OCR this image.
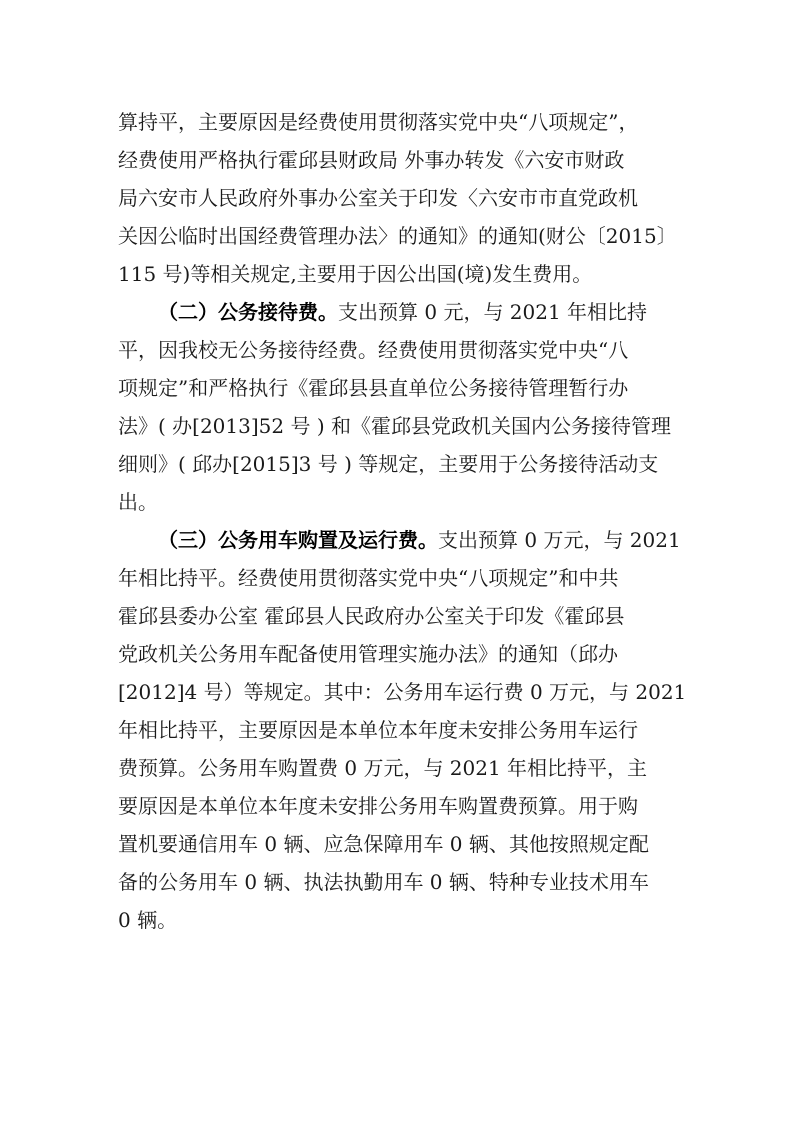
算持平，主要原因是经费使用贯彻落实党中央“八项规定”，
经费使用严格执行霍邱县财政局 外事办转发《六安市财政
局六安市人民政府外事办公室关于印发〈六安市市直党政机
关因公临时出国经费管理办法〉的通知》的通知(财公〔2015〕
115 号)等相关规定,主要用于因公出国(境)发生费用。
（二）公务接待费。支出预算 0 元，与 2021 年相比持
平，因我校无公务接待经费。经费使用贯彻落实党中央“八
项规定”和严格执行《霍邱县县直单位公务接待管理暂行办
法》( 办[2013]52 号 ) 和《霍邱县党政机关国内公务接待管理
细则》( 邱办[2015]3 号 ) 等规定，主要用于公务接待活动支
出。
（三）公务用车购置及运行费。支出预算 0 万元，与 2021
年相比持平。经费使用贯彻落实党中央“八项规定”和中共
霍邱县委办公室 霍邱县人民政府办公室关于印发《霍邱县
党政机关公务用车配备使用管理实施办法》的通知（邱办
[2012]4 号）等规定。其中：公务用车运行费 0 万元，与 2021
年相比持平，主要原因是本单位本年度未安排公务用车运行
费预算。公务用车购置费 0 万元，与 2021 年相比持平，主
要原因是本单位本年度未安排公务用车购置费预算。用于购
置机要通信用车 0 辆、应急保障用车 0 辆、其他按照规定配
备的公务用车 0 辆、执法执勤用车 0 辆、特种专业技术用车
0 辆。
